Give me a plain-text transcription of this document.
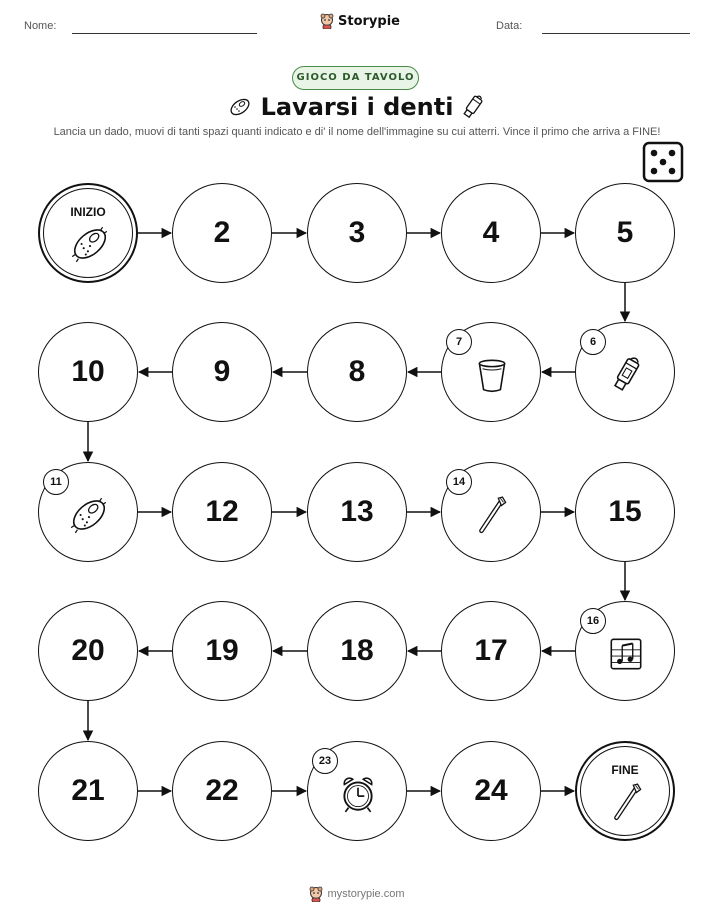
Nome:	Storypie	Data:
GIOCO DA TAVOLO
Lavarsi i denti
Lancia un dado, muovi di tanti spazi quanti indicato e di' il nome dell'immagine su cui atterri. Vince il primo che arriva a FINE!
INIZIO
2	3	4	5
6
7
8
9
10
11
12	13
14
15
16
17
18
19
20
21	22
23
24
FINE
mystorypie.com
